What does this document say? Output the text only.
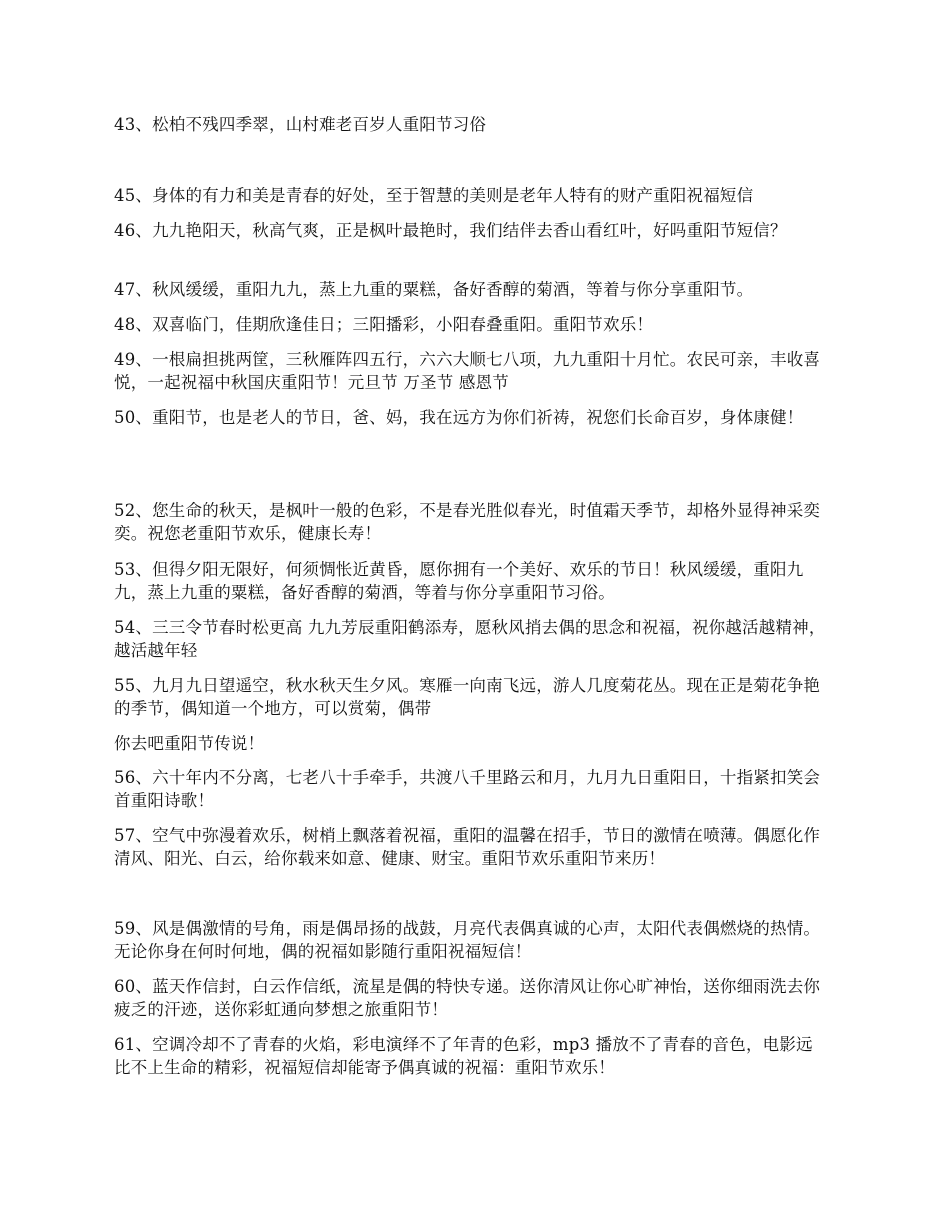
43、松柏不残四季翠，山村难老百岁人重阳节习俗

45、身体的有力和美是青春的好处，至于智慧的美则是老年人特有的财产重阳祝福短信

46、九九艳阳天，秋高气爽，正是枫叶最艳时，我们结伴去香山看红叶，好吗重阳节短信？

47、秋风缓缓，重阳九九，蒸上九重的粟糕，备好香醇的菊酒，等着与你分享重阳节。

48、双喜临门，佳期欣逢佳日；三阳播彩，小阳春叠重阳。重阳节欢乐！

49、一根扁担挑两筐，三秋雁阵四五行，六六大顺七八项，九九重阳十月忙。农民可亲，丰收喜悦，一起祝福中秋国庆重阳节！元旦节 万圣节 感恩节

50、重阳节，也是老人的节日，爸、妈，我在远方为你们祈祷，祝您们长命百岁，身体康健！

52、您生命的秋天，是枫叶一般的色彩，不是春光胜似春光，时值霜天季节，却格外显得神采奕奕。祝您老重阳节欢乐，健康长寿！

53、但得夕阳无限好，何须惆怅近黄昏，愿你拥有一个美好、欢乐的节日！秋风缓缓，重阳九九，蒸上九重的粟糕，备好香醇的菊酒，等着与你分享重阳节习俗。

54、三三令节春时松更高 九九芳辰重阳鹤添寿，愿秋风捎去偶的思念和祝福，祝你越活越精神，越活越年轻

55、九月九日望遥空，秋水秋天生夕风。寒雁一向南飞远，游人几度菊花丛。现在正是菊花争艳的季节，偶知道一个地方，可以赏菊，偶带

你去吧重阳节传说！

56、六十年内不分离，七老八十手牵手，共渡八千里路云和月，九月九日重阳日，十指紧扣笑会首重阳诗歌！

57、空气中弥漫着欢乐，树梢上飘落着祝福，重阳的温馨在招手，节日的激情在喷薄。偶愿化作清风、阳光、白云，给你载来如意、健康、财宝。重阳节欢乐重阳节来历！

59、风是偶激情的号角，雨是偶昂扬的战鼓，月亮代表偶真诚的心声，太阳代表偶燃烧的热情。无论你身在何时何地，偶的祝福如影随行重阳祝福短信！

60、蓝天作信封，白云作信纸，流星是偶的特快专递。送你清风让你心旷神怡，送你细雨洗去你疲乏的汗迹，送你彩虹通向梦想之旅重阳节！

61、空调冷却不了青春的火焰，彩电演绎不了年青的色彩，mp3 播放不了青春的音色，电影远比不上生命的精彩，祝福短信却能寄予偶真诚的祝福：重阳节欢乐！
